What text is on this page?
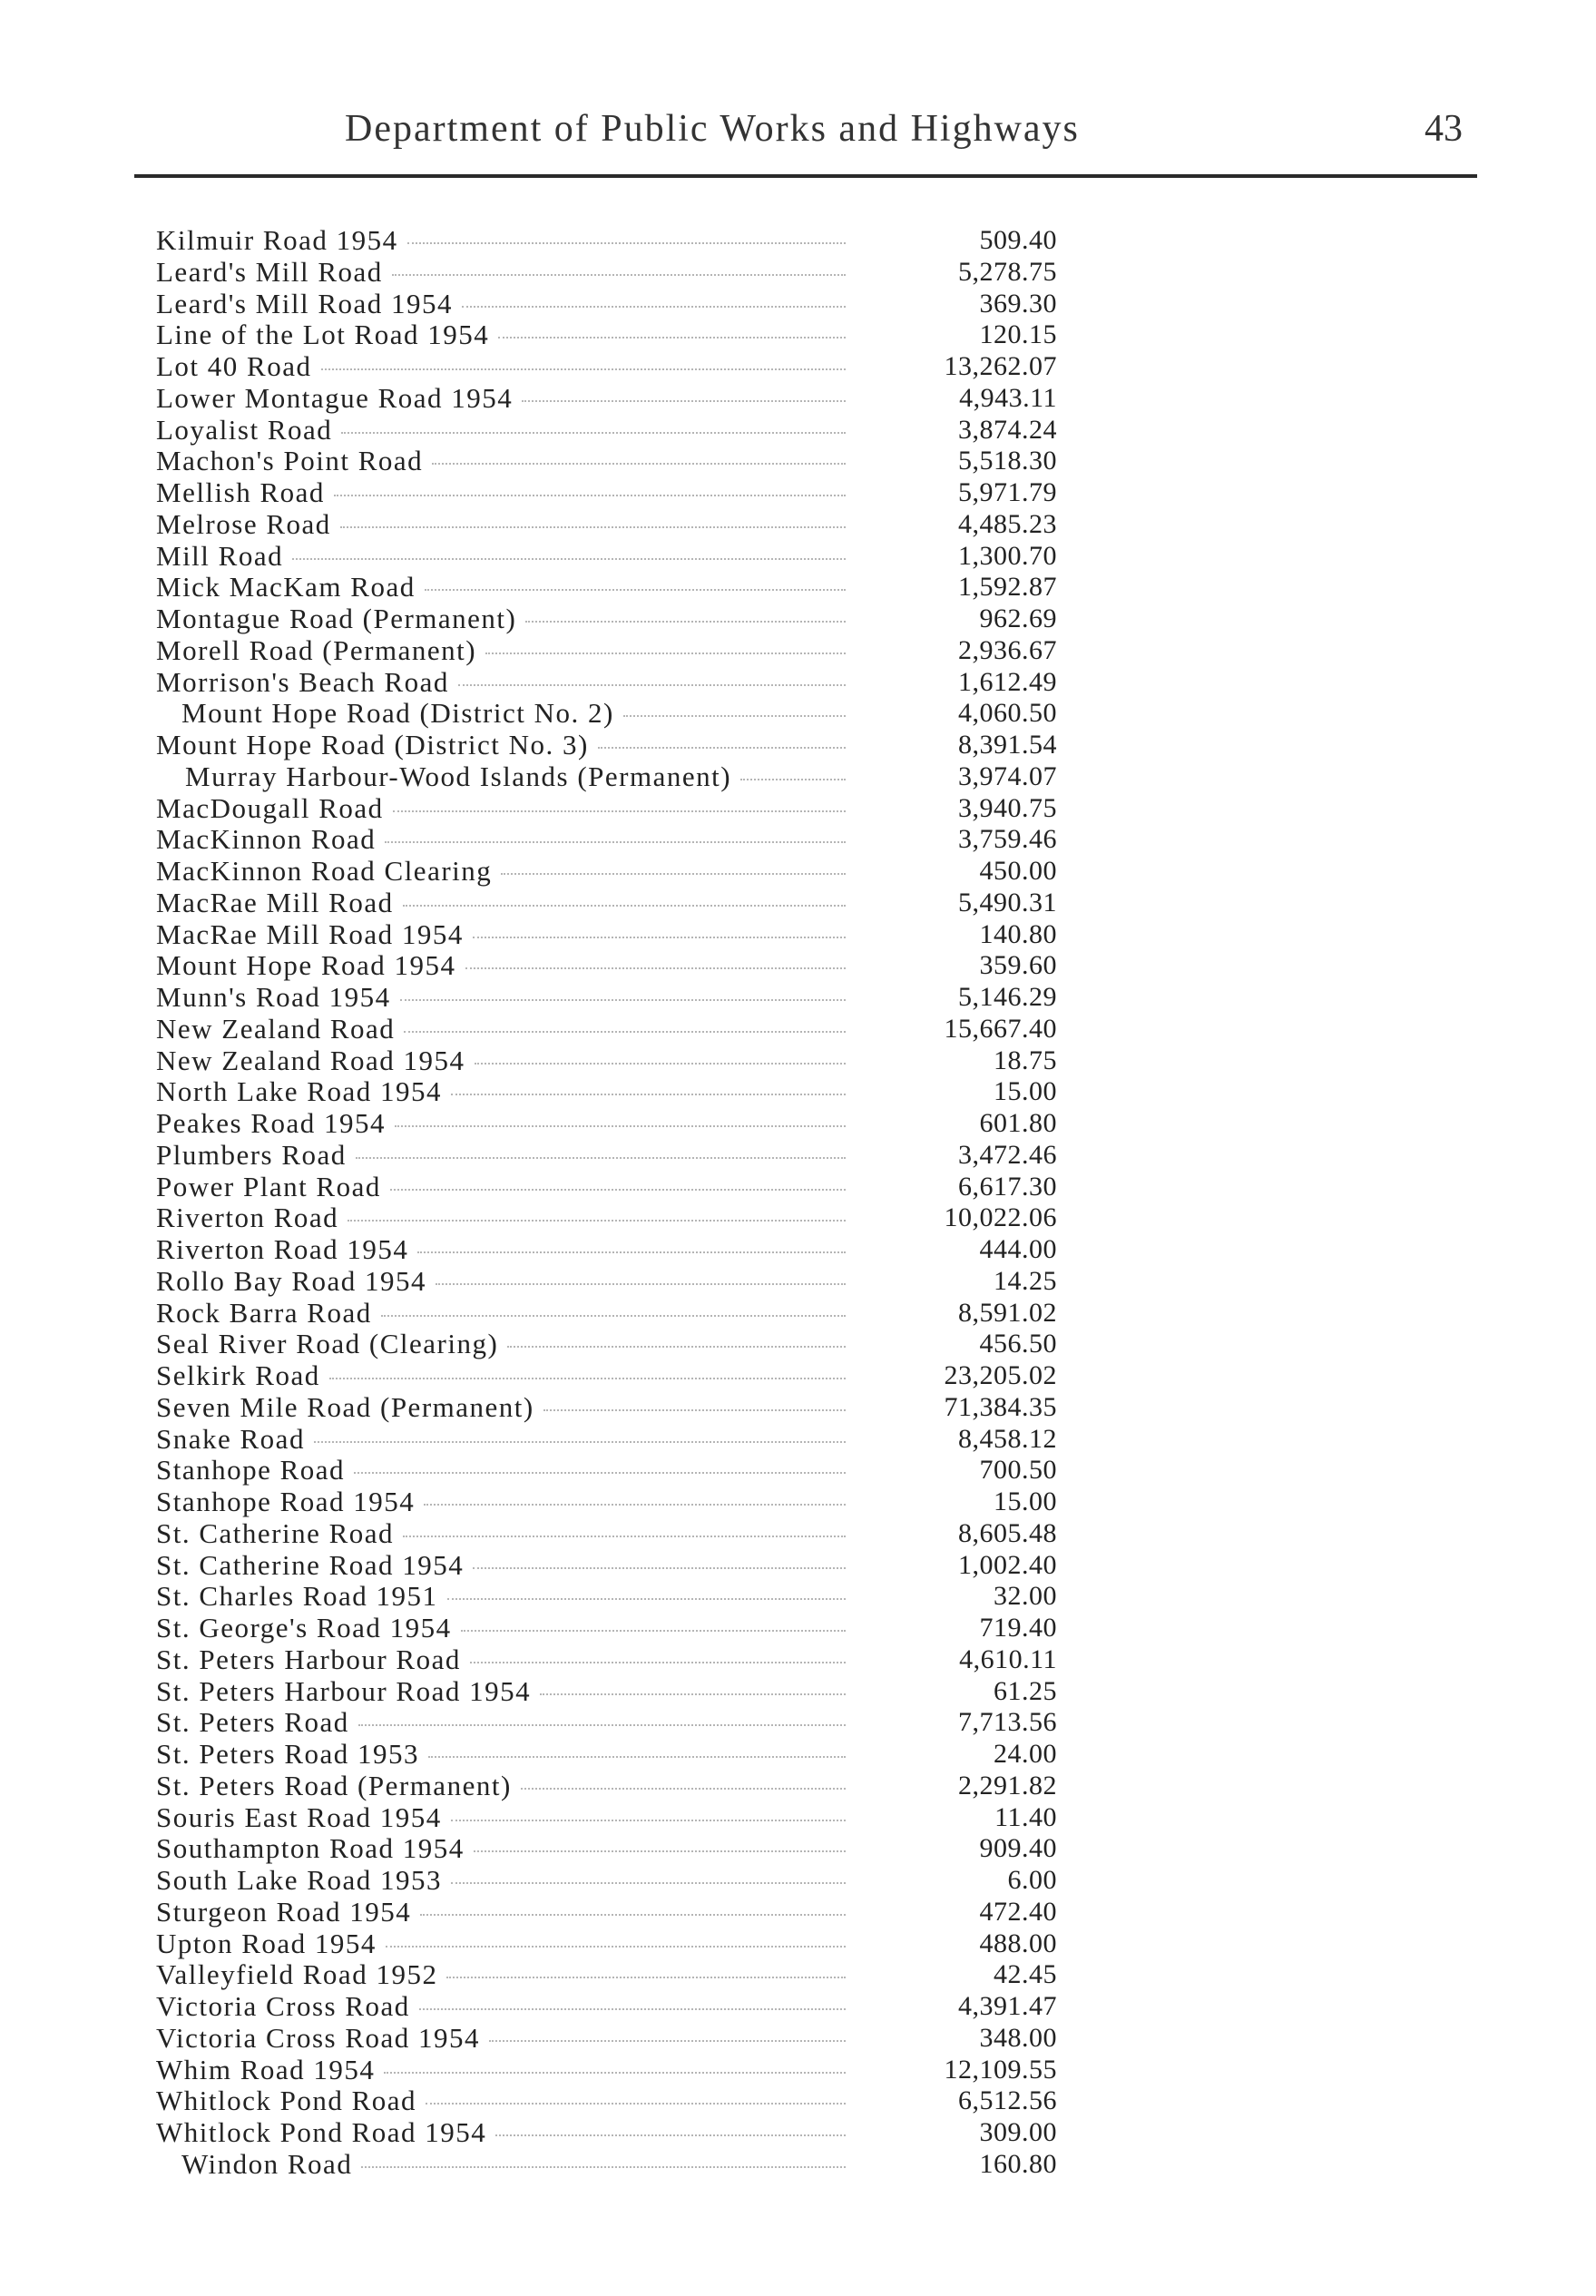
Department of Public Works and Highways	43
Kilmuir Road 1954	509.40
Leard's Mill Road	5,278.75
Leard's Mill Road 1954	369.30
Line of the Lot Road 1954	120.15
Lot 40 Road	13,262.07
Lower Montague Road 1954	4,943.11
Loyalist Road	3,874.24
Machon's Point Road	5,518.30
Mellish Road	5,971.79
Melrose Road	4,485.23
Mill Road	1,300.70
Mick MacKam Road	1,592.87
Montague Road (Permanent)	962.69
Morell Road (Permanent)	2,936.67
Morrison's Beach Road	1,612.49
Mount Hope Road (District No. 2)	4,060.50
Mount Hope Road (District No. 3)	8,391.54
Murray Harbour-Wood Islands (Permanent)	3,974.07
MacDougall Road	3,940.75
MacKinnon Road	3,759.46
MacKinnon Road Clearing	450.00
MacRae Mill Road	5,490.31
MacRae Mill Road 1954	140.80
Mount Hope Road 1954	359.60
Munn's Road 1954	5,146.29
New Zealand Road	15,667.40
New Zealand Road 1954	18.75
North Lake Road 1954	15.00
Peakes Road 1954	601.80
Plumbers Road	3,472.46
Power Plant Road	6,617.30
Riverton Road	10,022.06
Riverton Road 1954	444.00
Rollo Bay Road 1954	14.25
Rock Barra Road	8,591.02
Seal River Road (Clearing)	456.50
Selkirk Road	23,205.02
Seven Mile Road (Permanent)	71,384.35
Snake Road	8,458.12
Stanhope Road	700.50
Stanhope Road 1954	15.00
St. Catherine Road	8,605.48
St. Catherine Road 1954	1,002.40
St. Charles Road 1951	32.00
St. George's Road 1954	719.40
St. Peters Harbour Road	4,610.11
St. Peters Harbour Road 1954	61.25
St. Peters Road	7,713.56
St. Peters Road 1953	24.00
St. Peters Road (Permanent)	2,291.82
Souris East Road 1954	11.40
Southampton Road 1954	909.40
South Lake Road 1953	6.00
Sturgeon Road 1954	472.40
Upton Road 1954	488.00
Valleyfield Road 1952	42.45
Victoria Cross Road	4,391.47
Victoria Cross Road 1954	348.00
Whim Road 1954	12,109.55
Whitlock Pond Road	6,512.56
Whitlock Pond Road 1954	309.00
Windon Road	160.80
